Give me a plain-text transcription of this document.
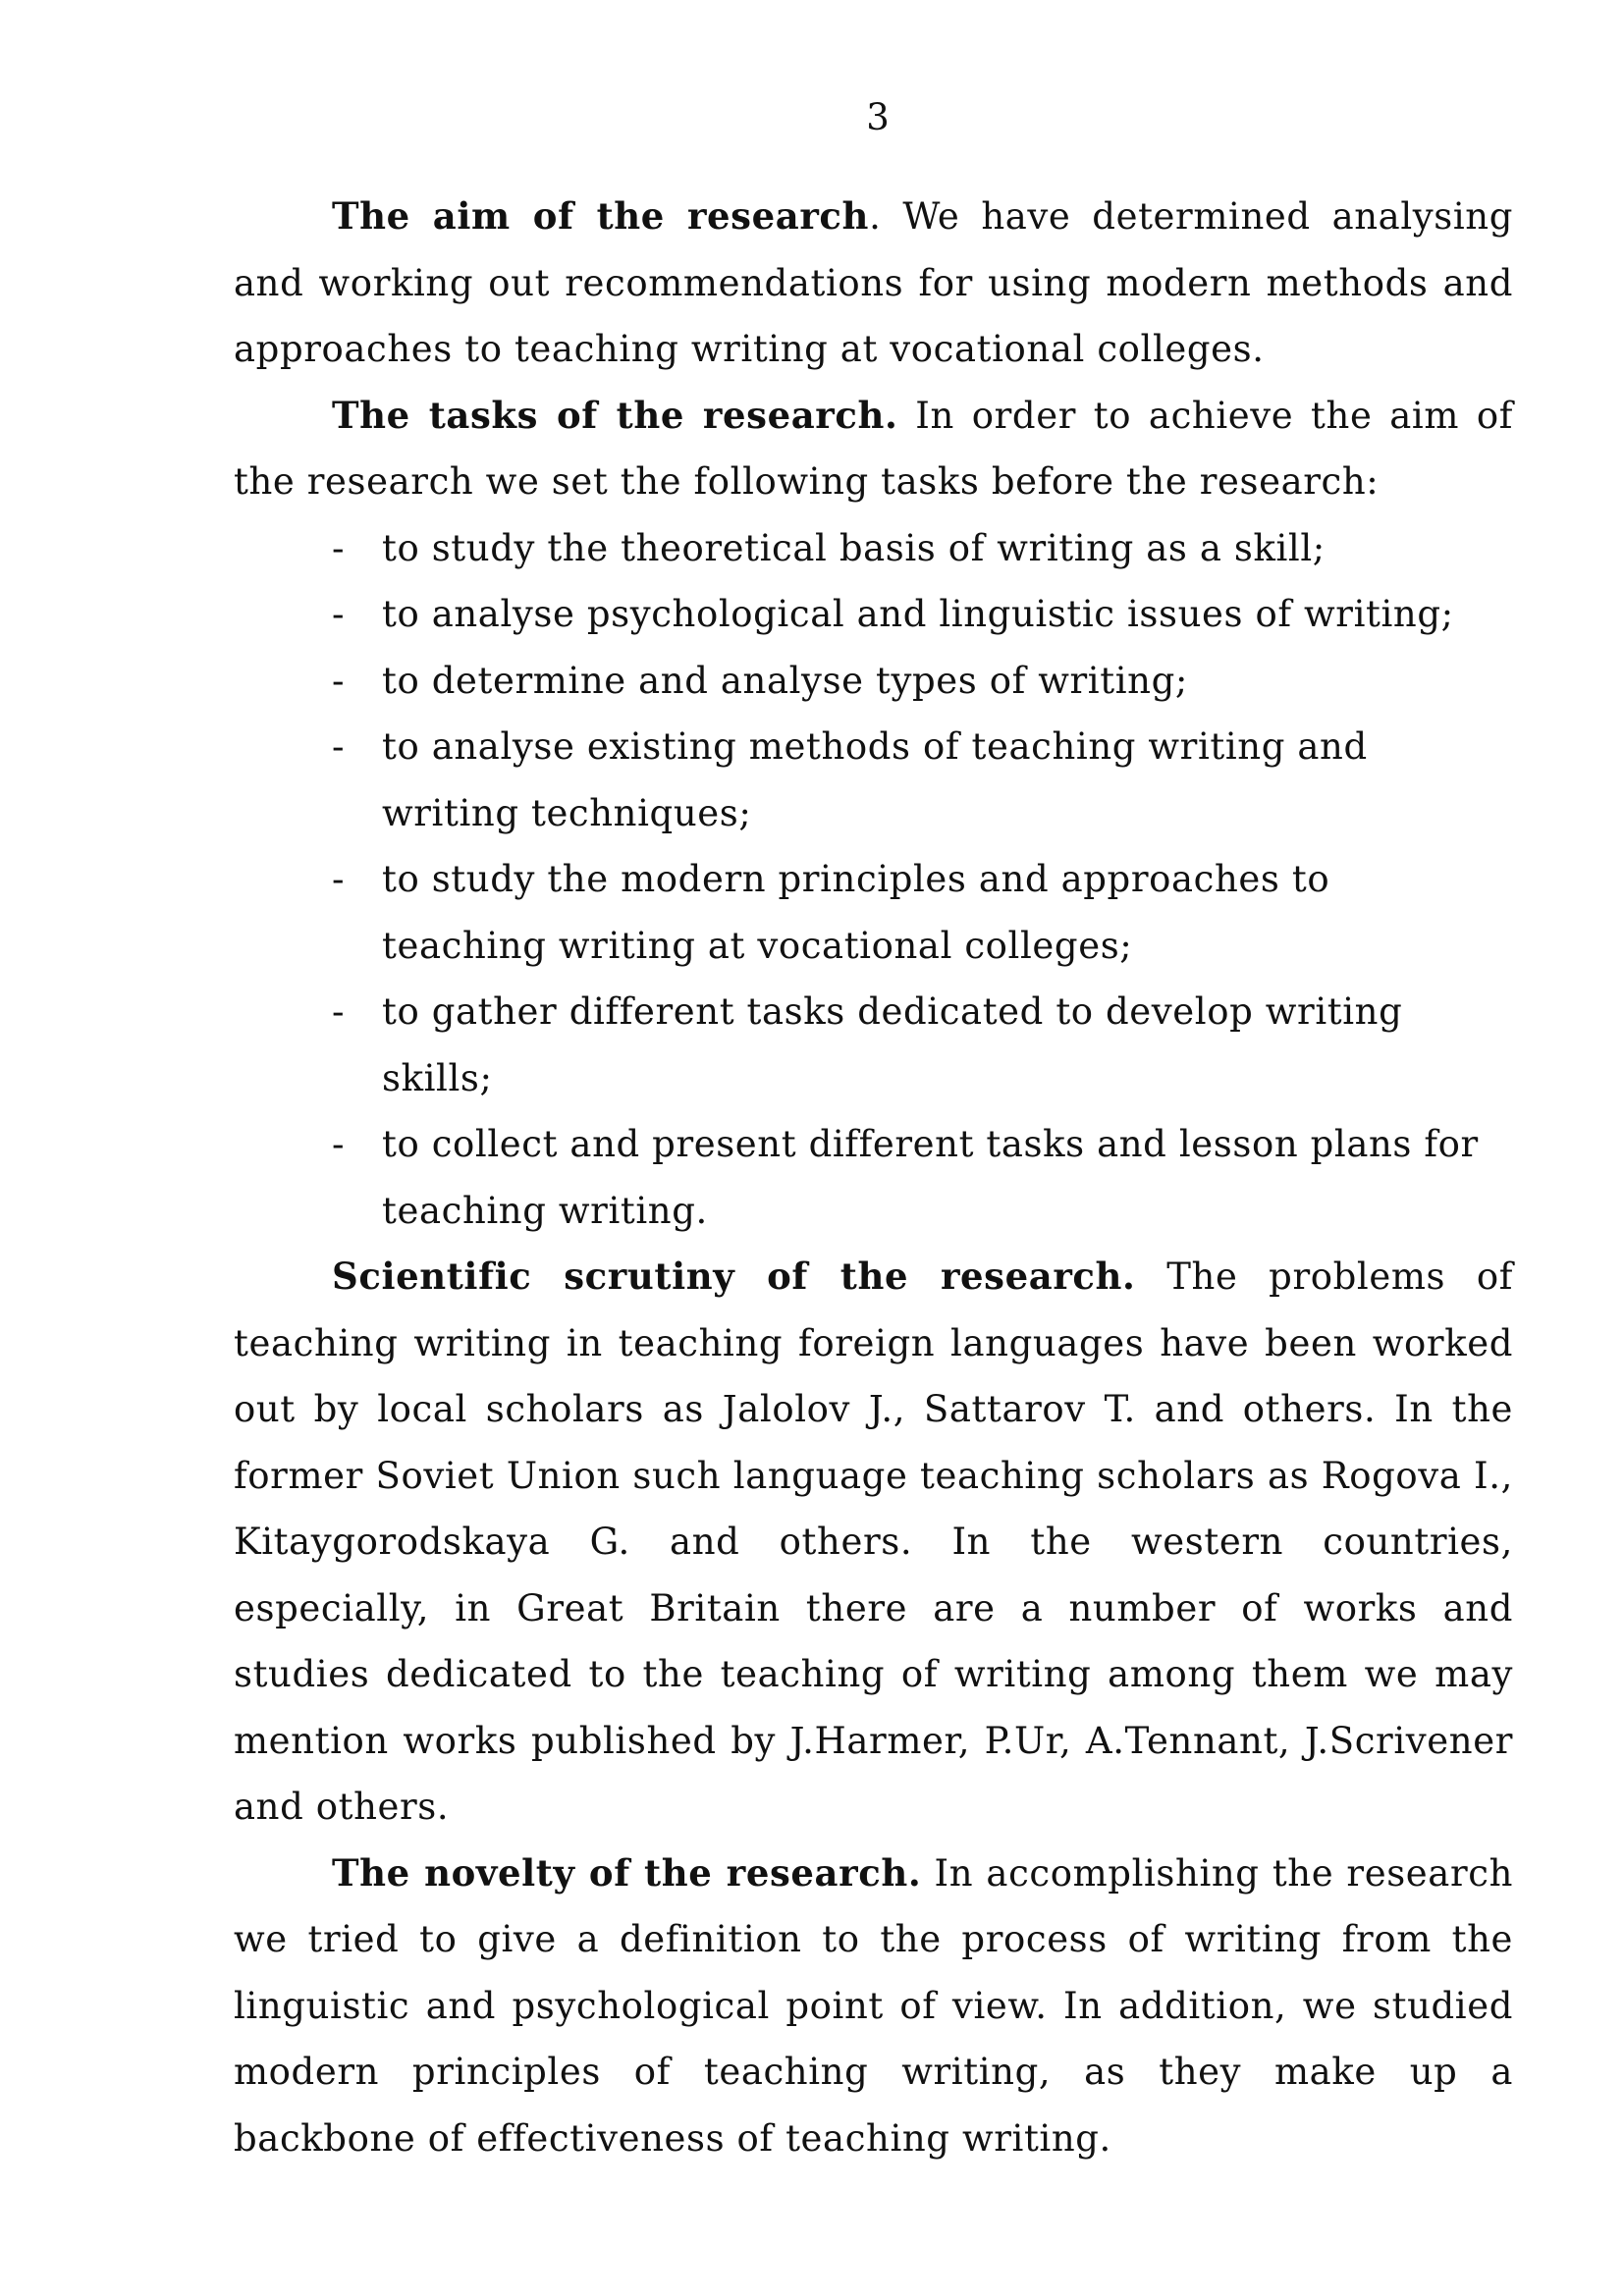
3

The aim of the research. We have determined analysing and working out recommendations for using modern methods and approaches to teaching writing at vocational colleges.

The tasks of the research. In order to achieve the aim of the research we set the following tasks before the research:

- to study the theoretical basis of writing as a skill;
- to analyse psychological and linguistic issues of writing;
- to determine and analyse types of writing;
- to analyse existing methods of teaching writing and writing techniques;
- to study the modern principles and approaches to teaching writing at vocational colleges;
- to gather different tasks dedicated to develop writing skills;
- to collect and present different tasks and lesson plans for teaching writing.

Scientific scrutiny of the research. The problems of teaching writing in teaching foreign languages have been worked out by local scholars as Jalolov J., Sattarov T. and others. In the former Soviet Union such language teaching scholars as Rogova I., Kitaygorodskaya G. and others. In the western countries, especially, in Great Britain there are a number of works and studies dedicated to the teaching of writing among them we may mention works published by J.Harmer, P.Ur, A.Tennant, J.Scrivener and others.

The novelty of the research. In accomplishing the research we tried to give a definition to the process of writing from the linguistic and psychological point of view. In addition, we studied modern principles of teaching writing, as they make up a backbone of effectiveness of teaching writing.
